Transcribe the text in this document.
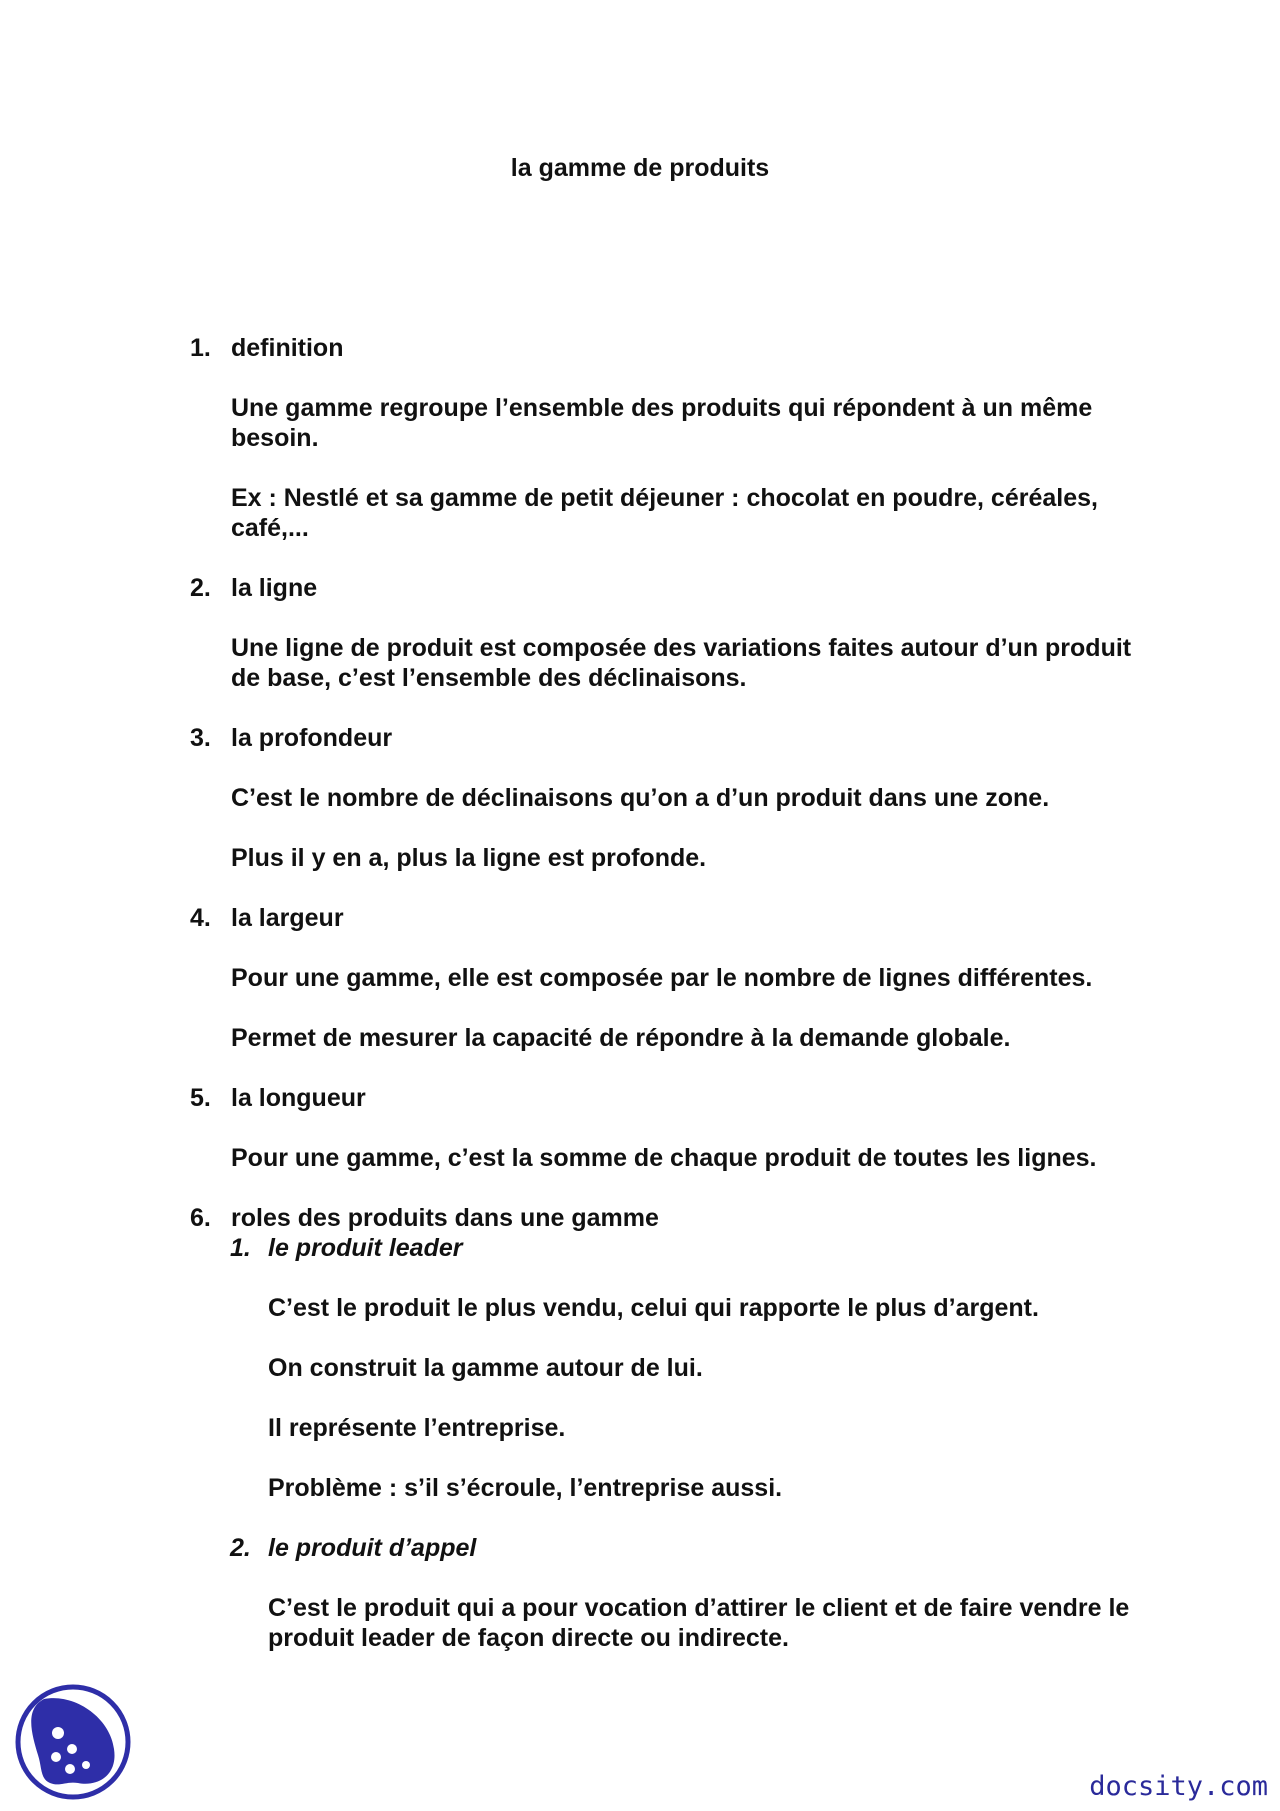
la gamme de produits
1. definition
Une gamme regroupe l’ensemble des produits qui répondent à un même besoin.
Ex : Nestlé et sa gamme de petit déjeuner : chocolat en poudre, céréales, café,...
2. la ligne
Une ligne de produit est composée des variations faites autour d’un produit de base, c’est l’ensemble des déclinaisons.
3. la profondeur
C’est le nombre de déclinaisons qu’on a d’un produit dans une zone.
Plus il y en a, plus la ligne est profonde.
4. la largeur
Pour une gamme, elle est composée par le nombre de lignes différentes.
Permet de mesurer la capacité de répondre à la demande globale.
5. la longueur
Pour une gamme, c’est la somme de chaque produit de toutes les lignes.
6. roles des produits dans une gamme
1. le produit leader
C’est le produit le plus vendu, celui qui rapporte le plus d’argent.
On construit la gamme autour de lui.
Il représente l’entreprise.
Problème : s’il s’écroule, l’entreprise aussi.
2. le produit d’appel
C’est le produit qui a pour vocation d’attirer le client et de faire vendre le produit leader de façon directe ou indirecte.
docsity.com
